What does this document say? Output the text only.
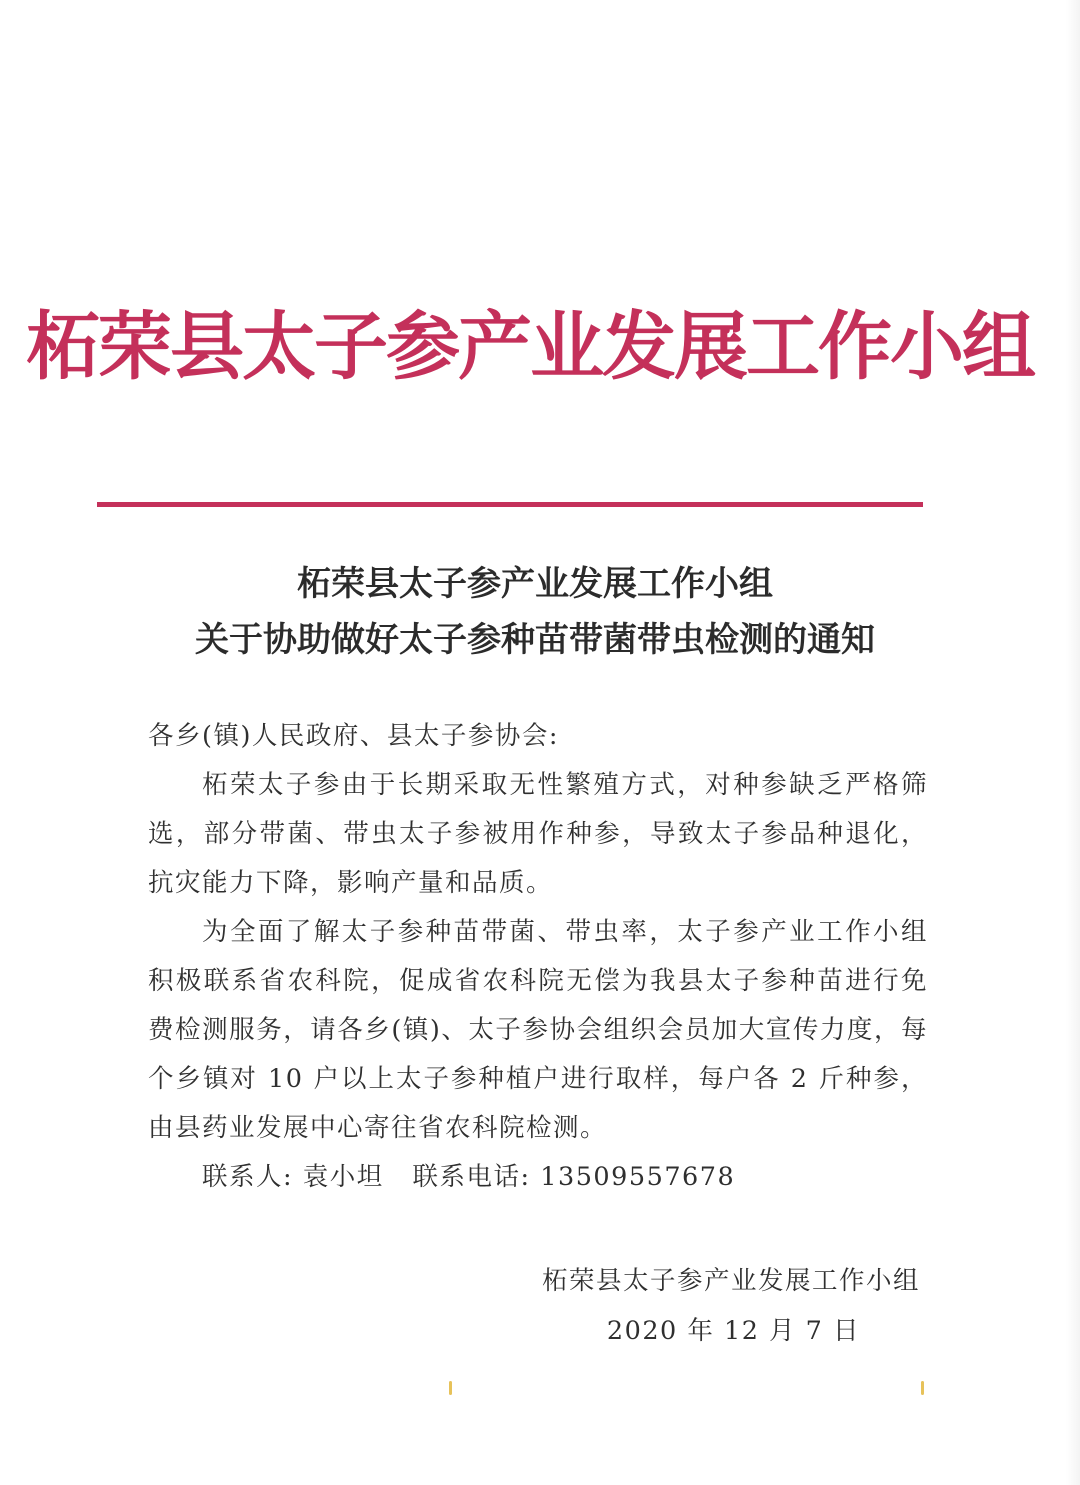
柘荣县太子参产业发展工作小组
柘荣县太子参产业发展工作小组
关于协助做好太子参种苗带菌带虫检测的通知

各乡(镇)人民政府、县太子参协会:

柘荣太子参由于长期采取无性繁殖方式，对种参缺乏严格筛选，部分带菌、带虫太子参被用作种参，导致太子参品种退化，抗灾能力下降，影响产量和品质。

为全面了解太子参种苗带菌、带虫率，太子参产业工作小组积极联系省农科院，促成省农科院无偿为我县太子参种苗进行免费检测服务，请各乡(镇)、太子参协会组织会员加大宣传力度，每个乡镇对 10 户以上太子参种植户进行取样，每户各 2 斤种参，由县药业发展中心寄往省农科院检测。

联系人: 袁小坦 联系电话: 13509557678

柘荣县太子参产业发展工作小组
2020 年 12 月 7 日
